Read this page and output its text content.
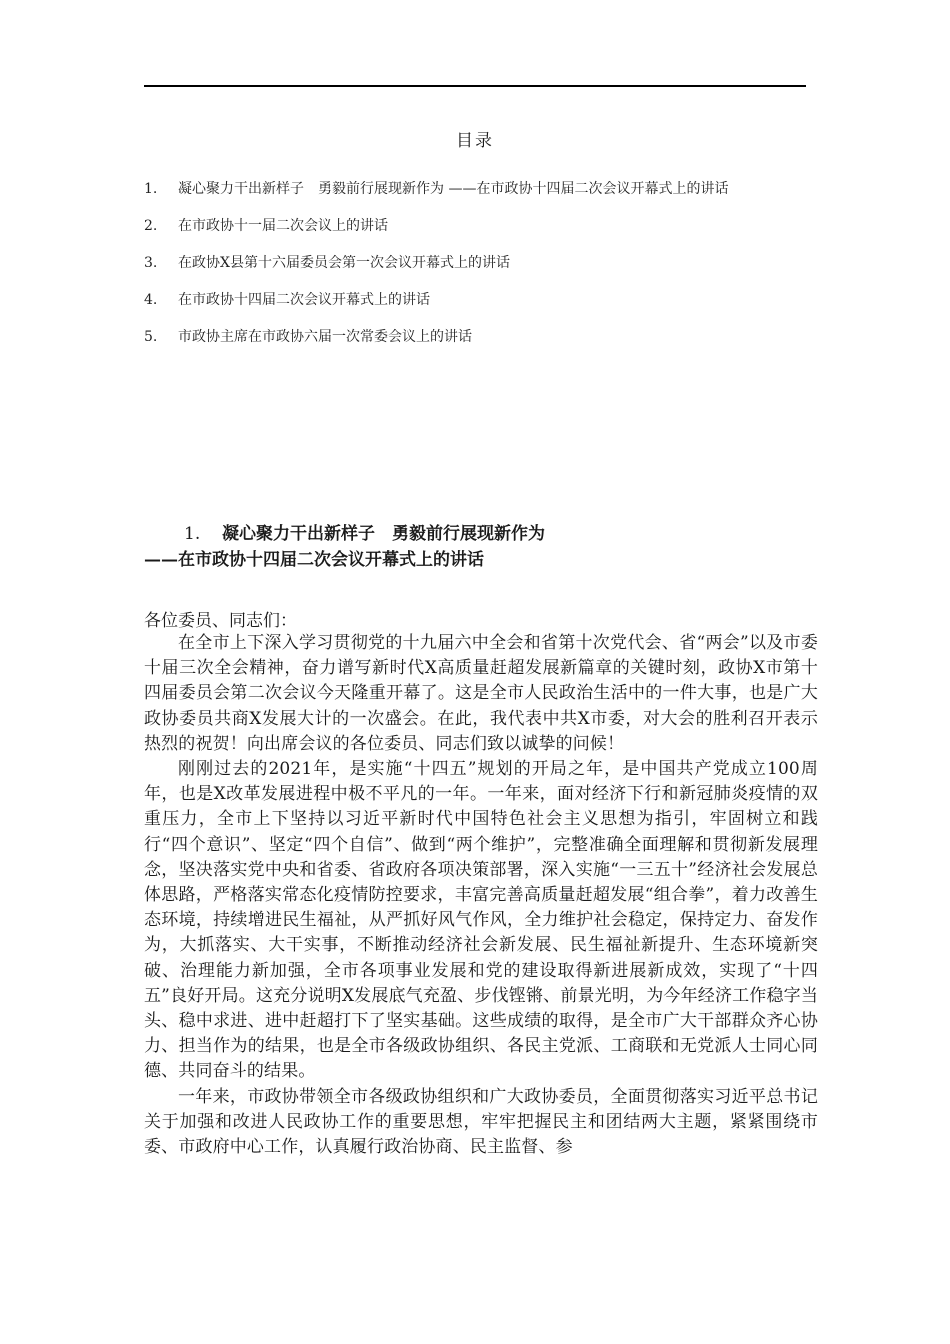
目录
1. 凝心聚力干出新样子　勇毅前行展现新作为 ——在市政协十四届二次会议开幕式上的讲话
2. 在市政协十一届二次会议上的讲话
3. 在政协X县第十六届委员会第一次会议开幕式上的讲话
4. 在市政协十四届二次会议开幕式上的讲话
5. 市政协主席在市政协六届一次常委会议上的讲话
1. 凝心聚力干出新样子　勇毅前行展现新作为
——在市政协十四届二次会议开幕式上的讲话
各位委员、同志们：

在全市上下深入学习贯彻党的十九届六中全会和省第十次党代会、省“两会”以及市委十届三次全会精神，奋力谱写新时代X高质量赶超发展新篇章的关键时刻，政协X市第十四届委员会第二次会议今天隆重开幕了。这是全市人民政治生活中的一件大事，也是广大政协委员共商X发展大计的一次盛会。在此，我代表中共X市委，对大会的胜利召开表示热烈的祝贺！向出席会议的各位委员、同志们致以诚挚的问候！

刚刚过去的2021年，是实施“十四五”规划的开局之年，是中国共产党成立100周年，也是X改革发展进程中极不平凡的一年。一年来，面对经济下行和新冠肺炎疫情的双重压力，全市上下坚持以习近平新时代中国特色社会主义思想为指引，牢固树立和践行“四个意识”、坚定“四个自信”、做到“两个维护”，完整准确全面理解和贯彻新发展理念，坚决落实党中央和省委、省政府各项决策部署，深入实施“一三五十”经济社会发展总体思路，严格落实常态化疫情防控要求，丰富完善高质量赶超发展“组合拳”，着力改善生态环境，持续增进民生福祉，从严抓好风气作风，全力维护社会稳定，保持定力、奋发作为，大抓落实、大干实事，不断推动经济社会新发展、民生福祉新提升、生态环境新突破、治理能力新加强，全市各项事业发展和党的建设取得新进展新成效，实现了“十四五”良好开局。这充分说明X发展底气充盈、步伐铿锵、前景光明，为今年经济工作稳字当头、稳中求进、进中赶超打下了坚实基础。这些成绩的取得，是全市广大干部群众齐心协力、担当作为的结果，也是全市各级政协组织、各民主党派、工商联和无党派人士同心同德、共同奋斗的结果。

一年来，市政协带领全市各级政协组织和广大政协委员，全面贯彻落实习近平总书记关于加强和改进人民政协工作的重要思想，牢牢把握民主和团结两大主题，紧紧围绕市委、市政府中心工作，认真履行政治协商、民主监督、参
